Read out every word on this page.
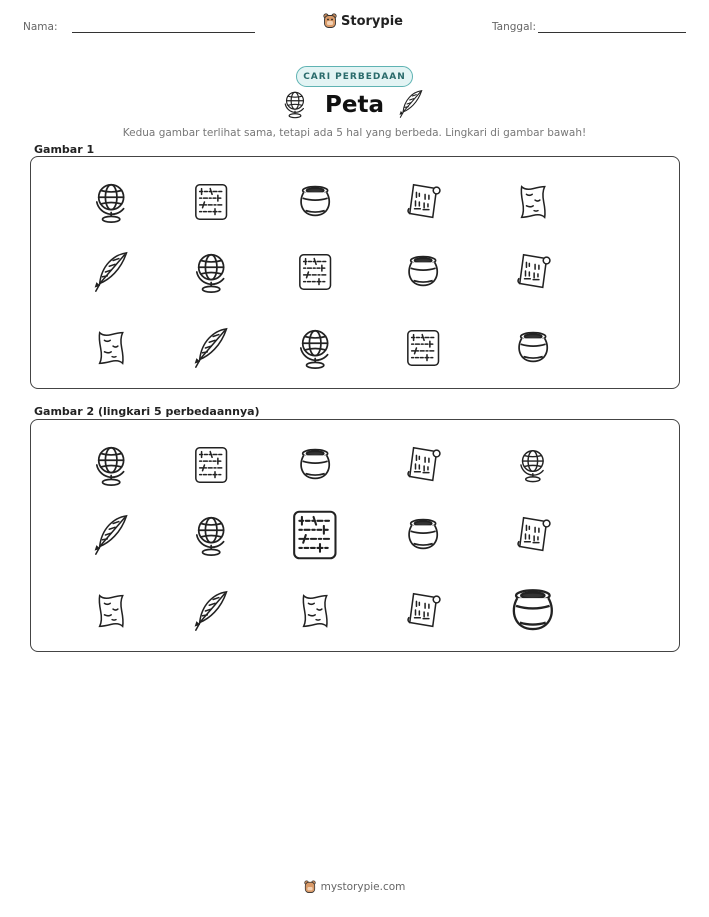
Nama:	Storypie	Tanggal:
CARI PERBEDAAN
Peta
Kedua gambar terlihat sama, tetapi ada 5 hal yang berbeda. Lingkari di gambar bawah!
Gambar 1
Gambar 2 (lingkari 5 perbedaannya)
mystorypie.com
